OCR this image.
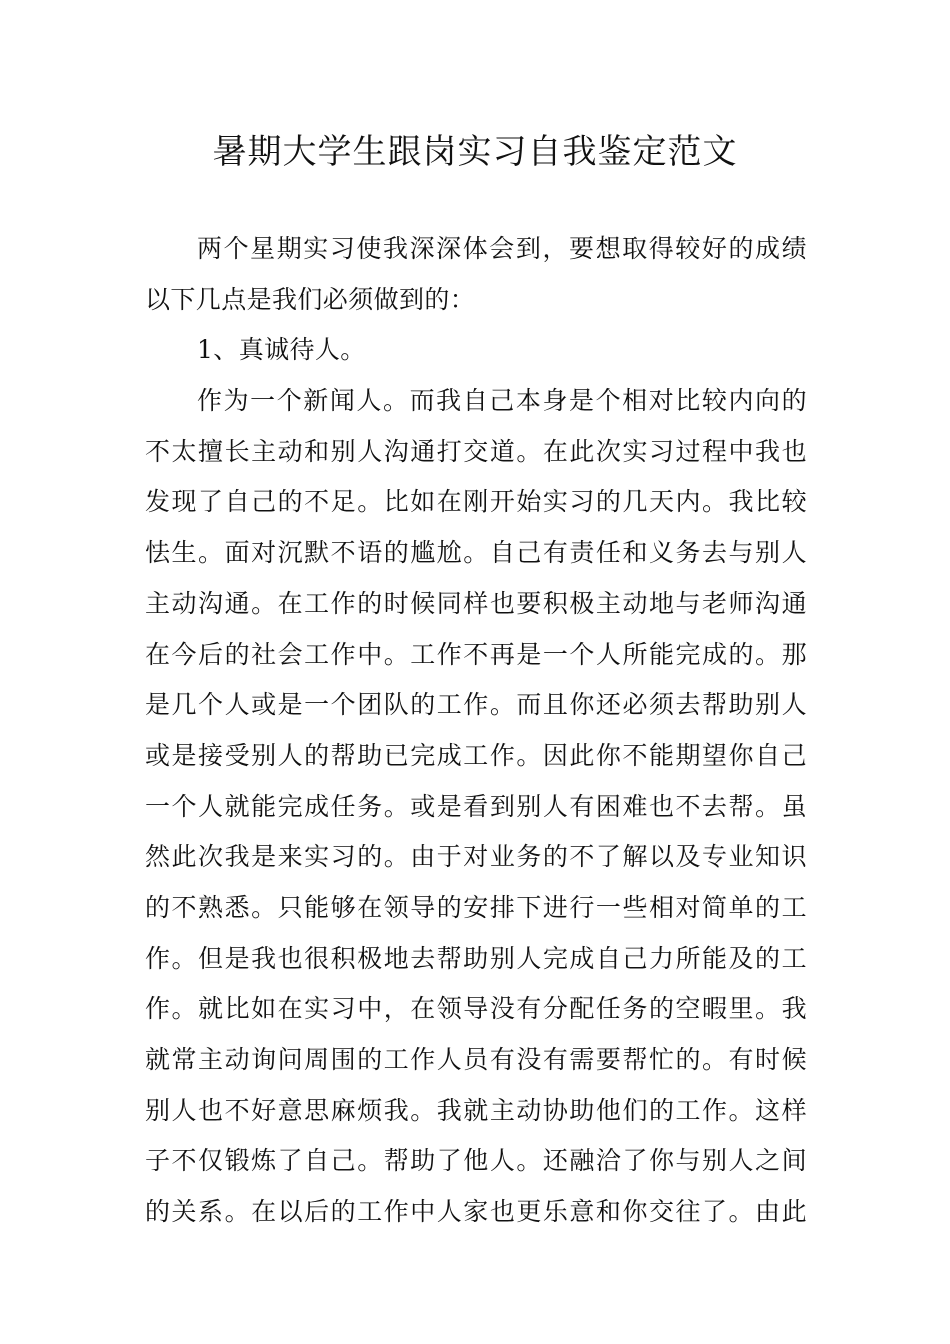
暑期大学生跟岗实习自我鉴定范文
两个星期实习使我深深体会到，要想取得较好的成绩
以下几点是我们必须做到的：
1、真诚待人。
作为一个新闻人。而我自己本身是个相对比较内向的
不太擅长主动和别人沟通打交道。在此次实习过程中我也
发现了自己的不足。比如在刚开始实习的几天内。我比较
怯生。面对沉默不语的尴尬。自己有责任和义务去与别人
主动沟通。在工作的时候同样也要积极主动地与老师沟通
在今后的社会工作中。工作不再是一个人所能完成的。那
是几个人或是一个团队的工作。而且你还必须去帮助别人
或是接受别人的帮助已完成工作。因此你不能期望你自己
一个人就能完成任务。或是看到别人有困难也不去帮。虽
然此次我是来实习的。由于对业务的不了解以及专业知识
的不熟悉。只能够在领导的安排下进行一些相对简单的工
作。但是我也很积极地去帮助别人完成自己力所能及的工
作。就比如在实习中，在领导没有分配任务的空暇里。我
就常主动询问周围的工作人员有没有需要帮忙的。有时候
别人也不好意思麻烦我。我就主动协助他们的工作。这样
子不仅锻炼了自己。帮助了他人。还融洽了你与别人之间
的关系。在以后的工作中人家也更乐意和你交往了。由此
